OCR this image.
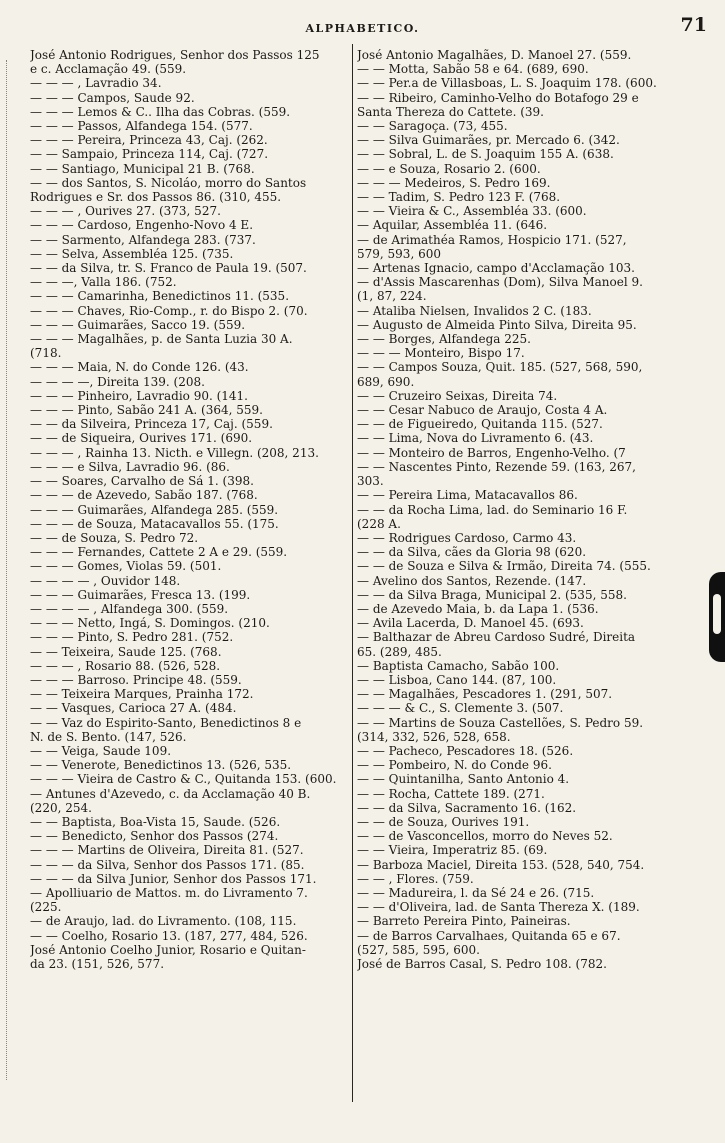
ALPHABETICO.	71
José Antonio Rodrigues, Senhor dos Passos 125
e c. Acclamação 49. (559.
— — — , Lavradio 34.
— — — Campos, Saude 92.
— — — Lemos & C.. Ilha das Cobras. (559.
— — — Passos, Alfandega 154. (577.
— — — Pereira, Princeza 43, Caj. (262.
— — Sampaio, Princeza 114, Caj. (727.
— — Santiago, Municipal 21 B. (768.
— — dos Santos, S. Nicoláo, morro do Santos
Rodrigues e Sr. dos Passos 86. (310, 455.
— — — , Ourives 27. (373, 527.
— — — Cardoso, Engenho-Novo 4 E.
— — Sarmento, Alfandega 283. (737.
— — Selva, Assembléa 125. (735.
— — da Silva, tr. S. Franco de Paula 19. (507.
— — —, Valla 186. (752.
— — — Camarinha, Benedictinos 11. (535.
— — — Chaves, Rio-Comp., r. do Bispo 2. (70.
— — — Guimarães, Sacco 19. (559.
— — — Magalhães, p. de Santa Luzia 30 A.
(718.
— — — Maia, N. do Conde 126. (43.
— — — —, Direita 139. (208.
— — — Pinheiro, Lavradio 90. (141.
— — — Pinto, Sabão 241 A. (364, 559.
— — da Silveira, Princeza 17, Caj. (559.
— — de Siqueira, Ourives 171. (690.
— — — , Rainha 13. Nicth. e Villegn. (208, 213.
— — — e Silva, Lavradio 96. (86.
— — Soares, Carvalho de Sá 1. (398.
— — — de Azevedo, Sabão 187. (768.
— — — Guimarães, Alfandega 285. (559.
— — — de Souza, Matacavallos 55. (175.
— — de Souza, S. Pedro 72.
— — — Fernandes, Cattete 2 A e 29. (559.
— — — Gomes, Violas 59. (501.
— — — — , Ouvidor 148.
— — — Guimarães, Fresca 13. (199.
— — — — , Alfandega 300. (559.
— — — Netto, Ingá, S. Domingos. (210.
— — — Pinto, S. Pedro 281. (752.
— — Teixeira, Saude 125. (768.
— — — , Rosario 88. (526, 528.
— — — Barroso. Principe 48. (559.
— — Teixeira Marques, Prainha 172.
— — Vasques, Carioca 27 A. (484.
— — Vaz do Espirito-Santo, Benedictinos 8 e
N. de S. Bento. (147, 526.
— — Veiga, Saude 109.
— — Venerote, Benedictinos 13. (526, 535.
— — — Vieira de Castro & C., Quitanda 153. (600.
— Antunes d'Azevedo, c. da Acclamação 40 B.
(220, 254.
— — Baptista, Boa-Vista 15, Saude. (526.
— — Benedicto, Senhor dos Passos (274.
— — — Martins de Oliveira, Direita 81. (527.
— — — da Silva, Senhor dos Passos 171. (85.
— — — da Silva Junior, Senhor dos Passos 171.
— Apolliuario de Mattos. m. do Livramento 7.
(225.
— de Araujo, lad. do Livramento. (108, 115.
— — Coelho, Rosario 13. (187, 277, 484, 526.
José Antonio Coelho Junior, Rosario e Quitan-
da 23. (151, 526, 577.
José Antonio Magalhães, D. Manoel 27. (559.
— — Motta, Sabão 58 e 64. (689, 690.
— — Per.a de Villasboas, L. S. Joaquim 178. (600.
— — Ribeiro, Caminho-Velho do Botafogo 29 e
Santa Thereza do Cattete. (39.
— — Saragoça. (73, 455.
— — Silva Guimarães, pr. Mercado 6. (342.
— — Sobral, L. de S. Joaquim 155 A. (638.
— — e Souza, Rosario 2. (600.
— — — Medeiros, S. Pedro 169.
— — Tadim, S. Pedro 123 F. (768.
— — Vieira & C., Assembléa 33. (600.
— Aquilar, Assembléa 11. (646.
— de Arimathéa Ramos, Hospicio 171. (527,
579, 593, 600
— Artenas Ignacio, campo d'Acclamação 103.
— d'Assis Mascarenhas (Dom), Silva Manoel 9.
(1, 87, 224.
— Ataliba Nielsen, Invalidos 2 C. (183.
— Augusto de Almeida Pinto Silva, Direita 95.
— — Borges, Alfandega 225.
— — — Monteiro, Bispo 17.
— — Campos Souza, Quit. 185. (527, 568, 590,
689, 690.
— — Cruzeiro Seixas, Direita 74.
— — Cesar Nabuco de Araujo, Costa 4 A.
— — de Figueiredo, Quitanda 115. (527.
— — Lima, Nova do Livramento 6. (43.
— — Monteiro de Barros, Engenho-Velho. (7
— — Nascentes Pinto, Rezende 59. (163, 267,
303.
— — Pereira Lima, Matacavallos 86.
— — da Rocha Lima, lad. do Seminario 16 F.
(228 A.
— — Rodrigues Cardoso, Carmo 43.
— — da Silva, cães da Gloria 98 (620.
— — de Souza e Silva & Irmão, Direita 74. (555.
— Avelino dos Santos, Rezende. (147.
— — da Silva Braga, Municipal 2. (535, 558.
— de Azevedo Maia, b. da Lapa 1. (536.
— Avila Lacerda, D. Manoel 45. (693.
— Balthazar de Abreu Cardoso Sudré, Direita
65. (289, 485.
— Baptista Camacho, Sabão 100.
— — Lisboa, Cano 144. (87, 100.
— — Magalhães, Pescadores 1. (291, 507.
— — — & C., S. Clemente 3. (507.
— — Martins de Souza Castellões, S. Pedro 59.
(314, 332, 526, 528, 658.
— — Pacheco, Pescadores 18. (526.
— — Pombeiro, N. do Conde 96.
— — Quintanilha, Santo Antonio 4.
— — Rocha, Cattete 189. (271.
— — da Silva, Sacramento 16. (162.
— — de Souza, Ourives 191.
— — de Vasconcellos, morro do Neves 52.
— — Vieira, Imperatriz 85. (69.
— Barboza Maciel, Direita 153. (528, 540, 754.
— — , Flores. (759.
— — Madureira, l. da Sé 24 e 26. (715.
— — d'Oliveira, lad. de Santa Thereza X. (189.
— Barreto Pereira Pinto, Paineiras.
— de Barros Carvalhaes, Quitanda 65 e 67.
(527, 585, 595, 600.
José de Barros Casal, S. Pedro 108. (782.
